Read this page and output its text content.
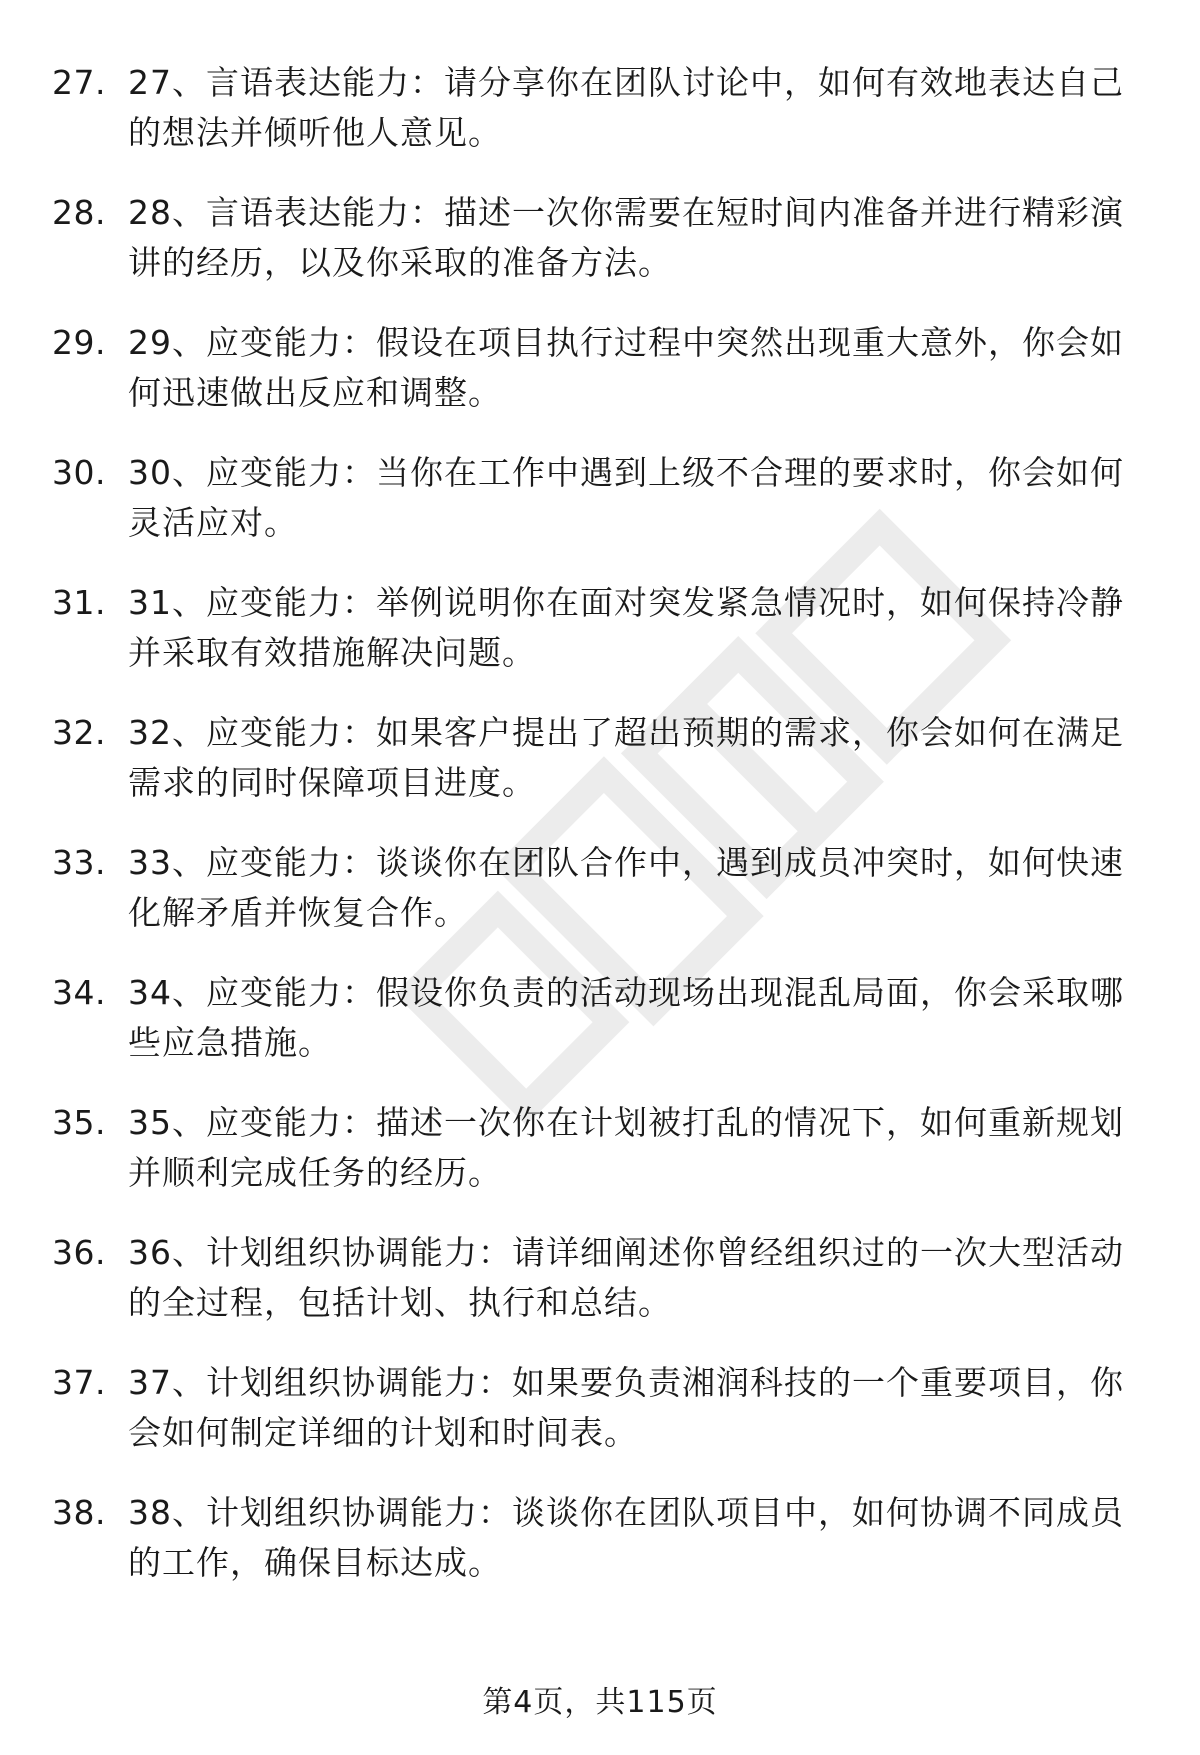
27. 27、言语表达能力：请分享你在团队讨论中，如何有效地表达自己的想法并倾听他人意见。
28. 28、言语表达能力：描述一次你需要在短时间内准备并进行精彩演讲的经历，以及你采取的准备方法。
29. 29、应变能力：假设在项目执行过程中突然出现重大意外，你会如何迅速做出反应和调整。
30. 30、应变能力：当你在工作中遇到上级不合理的要求时，你会如何灵活应对。
31. 31、应变能力：举例说明你在面对突发紧急情况时，如何保持冷静并采取有效措施解决问题。
32. 32、应变能力：如果客户提出了超出预期的需求，你会如何在满足需求的同时保障项目进度。
33. 33、应变能力：谈谈你在团队合作中，遇到成员冲突时，如何快速化解矛盾并恢复合作。
34. 34、应变能力：假设你负责的活动现场出现混乱局面，你会采取哪些应急措施。
35. 35、应变能力：描述一次你在计划被打乱的情况下，如何重新规划并顺利完成任务的经历。
36. 36、计划组织协调能力：请详细阐述你曾经组织过的一次大型活动的全过程，包括计划、执行和总结。
37. 37、计划组织协调能力：如果要负责湘润科技的一个重要项目，你会如何制定详细的计划和时间表。
38. 38、计划组织协调能力：谈谈你在团队项目中，如何协调不同成员的工作，确保目标达成。
第4页，共115页
